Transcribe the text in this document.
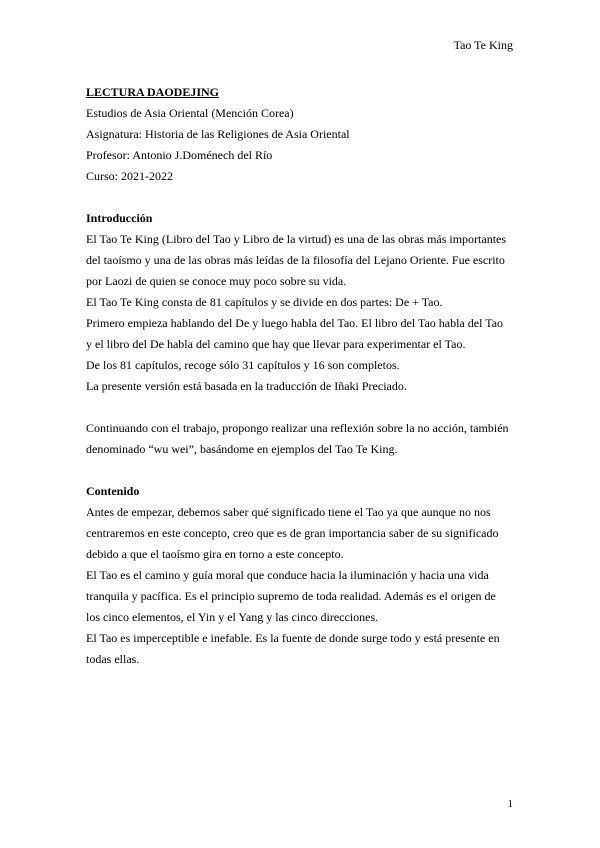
Tao Te King
LECTURA DAODEJING
Estudios de Asia Oriental (Mención Corea)
Asignatura: Historia de las Religiones de Asia Oriental
Profesor: Antonio J.Doménech del Río
Curso: 2021-2022
Introducción
El Tao Te King (Libro del Tao y Libro de la virtud) es una de las obras más importantes
del taoísmo y una de las obras más leídas de la filosofía del Lejano Oriente. Fue escrito
por Laozi de quien se conoce muy poco sobre su vida.
El Tao Te King consta de 81 capítulos y se divide en dos partes: De + Tao.
Primero empieza hablando del De y luego habla del Tao. El libro del Tao habla del Tao
y el libro del De habla del camino que hay que llevar para experimentar el Tao.
De los 81 capítulos, recoge sólo 31 capítulos y 16 son completos.
La presente versión está basada en la traducción de Iñaki Preciado.
Continuando con el trabajo, propongo realizar una reflexión sobre la no acción, también
denominado “wu wei”, basándome en ejemplos del Tao Te King.
Contenido
Antes de empezar, debemos saber qué significado tiene el Tao ya que aunque no nos
centraremos en este concepto, creo que es de gran importancia saber de su significado
debido a que el taoísmo gira en torno a este concepto.
El Tao es el camino y guía moral que conduce hacia la iluminación y hacia una vida
tranquila y pacífica. Es el principio supremo de toda realidad. Además es el origen de
los cinco elementos, el Yin y el Yang y las cinco direcciones.
El Tao es imperceptible e inefable. Es la fuente de donde surge todo y está presente en
todas ellas.
1
